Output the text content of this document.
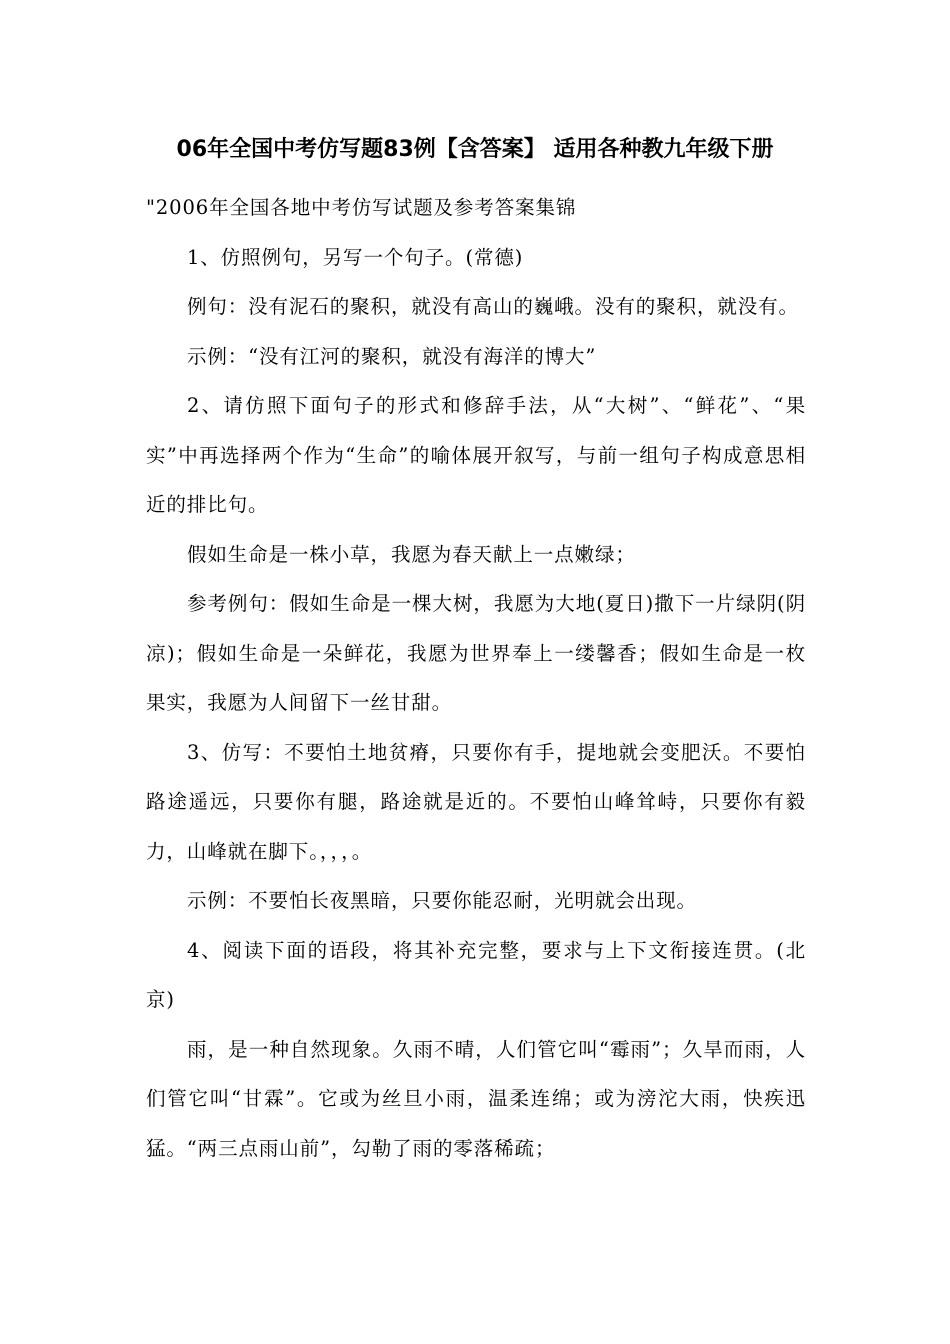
06年全国中考仿写题83例【含答案】 适用各种教九年级下册

"2006年全国各地中考仿写试题及参考答案集锦

1、仿照例句，另写一个句子。(常德)

例句：没有泥石的聚积，就没有高山的巍峨。没有的聚积，就没有。

示例：“没有江河的聚积，就没有海洋的博大”

2、请仿照下面句子的形式和修辞手法，从“大树”、“鲜花”、“果实”中再选择两个作为“生命”的喻体展开叙写，与前一组句子构成意思相近的排比句。

假如生命是一株小草，我愿为春天献上一点嫩绿；

参考例句：假如生命是一棵大树，我愿为大地(夏日)撒下一片绿阴(阴凉)；假如生命是一朵鲜花，我愿为世界奉上一缕馨香；假如生命是一枚果实，我愿为人间留下一丝甘甜。

3、仿写：不要怕土地贫瘠，只要你有手，提地就会变肥沃。不要怕路途遥远，只要你有腿，路途就是近的。不要怕山峰耸峙，只要你有毅力，山峰就在脚下。，，，。

示例：不要怕长夜黑暗，只要你能忍耐，光明就会出现。

4、阅读下面的语段，将其补充完整，要求与上下文衔接连贯。(北京)

雨，是一种自然现象。久雨不晴，人们管它叫“霉雨”；久旱而雨，人们管它叫“甘霖”。它或为丝旦小雨，温柔连绵；或为滂沱大雨，快疾迅猛。“两三点雨山前”，勾勒了雨的零落稀疏；
